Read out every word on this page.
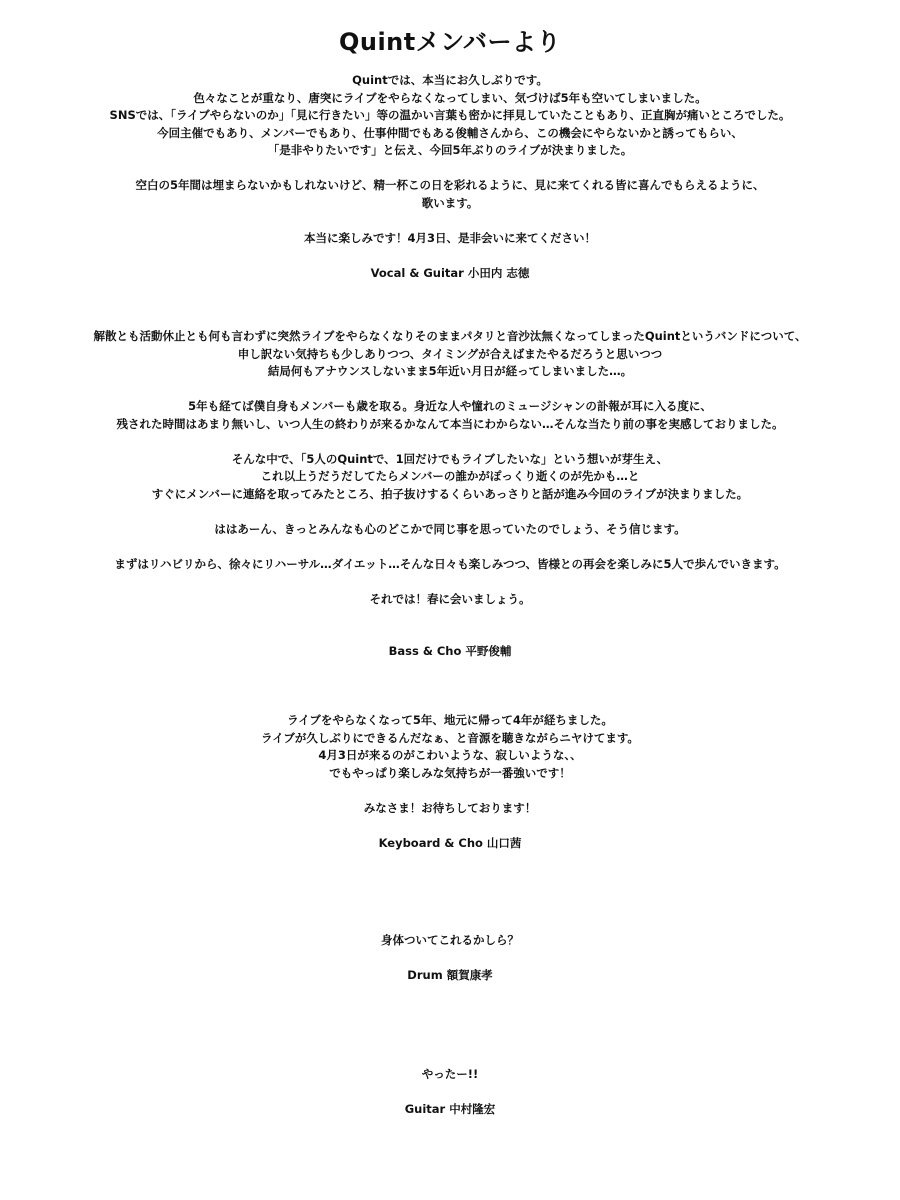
Quintメンバーより
Quintでは、本当にお久しぶりです。
色々なことが重なり、唐突にライブをやらなくなってしまい、気づけば5年も空いてしまいました。
SNSでは、「ライブやらないのか」「見に行きたい」等の温かい言葉も密かに拝見していたこともあり、正直胸が痛いところでした。
今回主催でもあり、メンバーでもあり、仕事仲間でもある俊輔さんから、この機会にやらないかと誘ってもらい、
「是非やりたいです」と伝え、今回5年ぶりのライブが決まりました。
空白の5年間は埋まらないかもしれないけど、精一杯この日を彩れるように、見に来てくれる皆に喜んでもらえるように、
歌います。
本当に楽しみです！4月3日、是非会いに来てください！
Vocal & Guitar 小田内 志徳
解散とも活動休止とも何も言わずに突然ライブをやらなくなりそのままパタリと音沙汰無くなってしまったQuintというバンドについて、
申し訳ない気持ちも少しありつつ、タイミングが合えばまたやるだろうと思いつつ
結局何もアナウンスしないまま5年近い月日が経ってしまいました…。
5年も経てば僕自身もメンバーも歳を取る。身近な人や憧れのミュージシャンの訃報が耳に入る度に、
残された時間はあまり無いし、いつ人生の終わりが来るかなんて本当にわからない…そんな当たり前の事を実感しておりました。
そんな中で、「5人のQuintで、1回だけでもライブしたいな」という想いが芽生え、
これ以上うだうだしてたらメンバーの誰かがぽっくり逝くのが先かも…と
すぐにメンバーに連絡を取ってみたところ、拍子抜けするくらいあっさりと話が進み今回のライブが決まりました。
ははあーん、きっとみんなも心のどこかで同じ事を思っていたのでしょう、そう信じます。
まずはリハビリから、徐々にリハーサル…ダイエット…そんな日々も楽しみつつ、皆様との再会を楽しみに5人で歩んでいきます。
それでは！春に会いましょう。
Bass & Cho 平野俊輔
ライブをやらなくなって5年、地元に帰って4年が経ちました。
ライブが久しぶりにできるんだなぁ、と音源を聴きながらニヤけてます。
4月3日が来るのがこわいような、寂しいような、、
でもやっぱり楽しみな気持ちが一番強いです！
みなさま！お待ちしております！
Keyboard & Cho 山口茜
身体ついてこれるかしら？
Drum 額賀康孝
やったー!!
Guitar 中村隆宏
